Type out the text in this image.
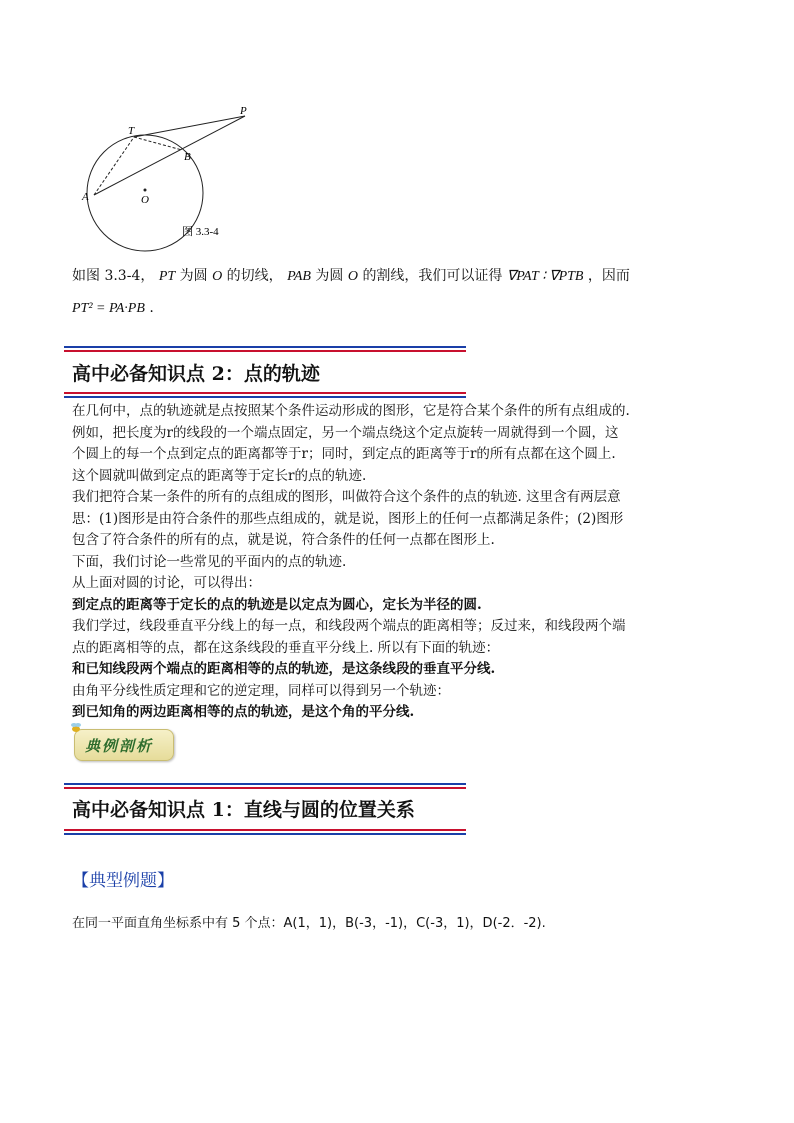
P
T
B
A	O
图 3.3-4
如图 3.3-4， PT 为圆 O 的切线， PAB 为圆 O 的割线，我们可以证得 ∇PAT ∶ ∇PTB ，因而
PT² = PA·PB .
高中必备知识点 2：点的轨迹

在几何中，点的轨迹就是点按照某个条件运动形成的图形，它是符合某个条件的所有点组成的.

例如，把长度为r的线段的一个端点固定，另一个端点绕这个定点旋转一周就得到一个圆，这

个圆上的每一个点到定点的距离都等于r；同时，到定点的距离等于r的所有点都在这个圆上.

这个圆就叫做到定点的距离等于定长r的点的轨迹.

我们把符合某一条件的所有的点组成的图形，叫做符合这个条件的点的轨迹. 这里含有两层意

思：(1)图形是由符合条件的那些点组成的，就是说，图形上的任何一点都满足条件；(2)图形

包含了符合条件的所有的点，就是说，符合条件的任何一点都在图形上.

下面，我们讨论一些常见的平面内的点的轨迹.

从上面对圆的讨论，可以得出：

到定点的距离等于定长的点的轨迹是以定点为圆心，定长为半径的圆.

我们学过，线段垂直平分线上的每一点，和线段两个端点的距离相等；反过来，和线段两个端

点的距离相等的点，都在这条线段的垂直平分线上. 所以有下面的轨迹：

和已知线段两个端点的距离相等的点的轨迹，是这条线段的垂直平分线.

由角平分线性质定理和它的逆定理，同样可以得到另一个轨迹：

到已知角的两边距离相等的点的轨迹，是这个角的平分线.

典例剖析
高中必备知识点 1：直线与圆的位置关系
【典型例题】
在同一平面直角坐标系中有 5 个点：A(1，1)，B(-3，-1)，C(-3，1)，D(-2．-2).
